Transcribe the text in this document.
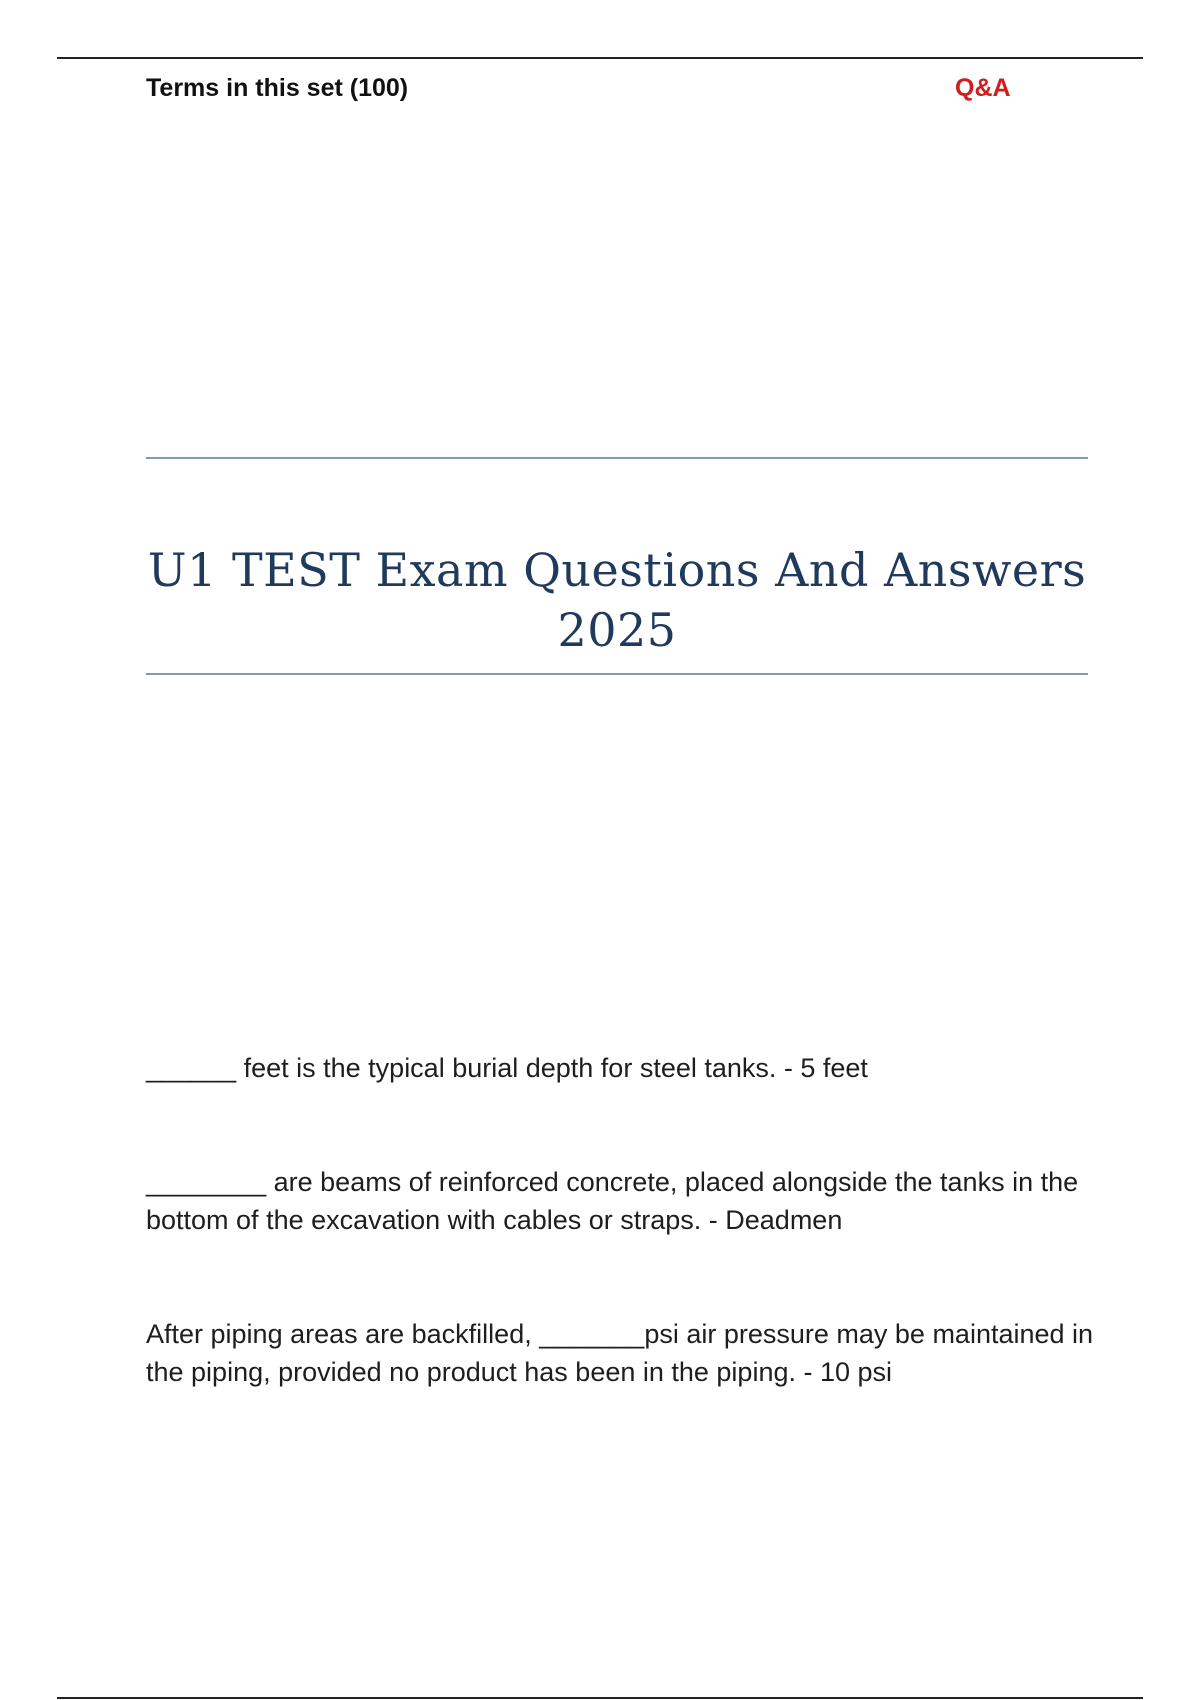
Terms in this set (100)	Q&A
U1 TEST Exam Questions And Answers 2025

______ feet is the typical burial depth for steel tanks. - 5 feet

________ are beams of reinforced concrete, placed alongside the tanks in the bottom of the excavation with cables or straps. - Deadmen

After piping areas are backfilled, _______psi air pressure may be maintained in the piping, provided no product has been in the piping. - 10 psi
